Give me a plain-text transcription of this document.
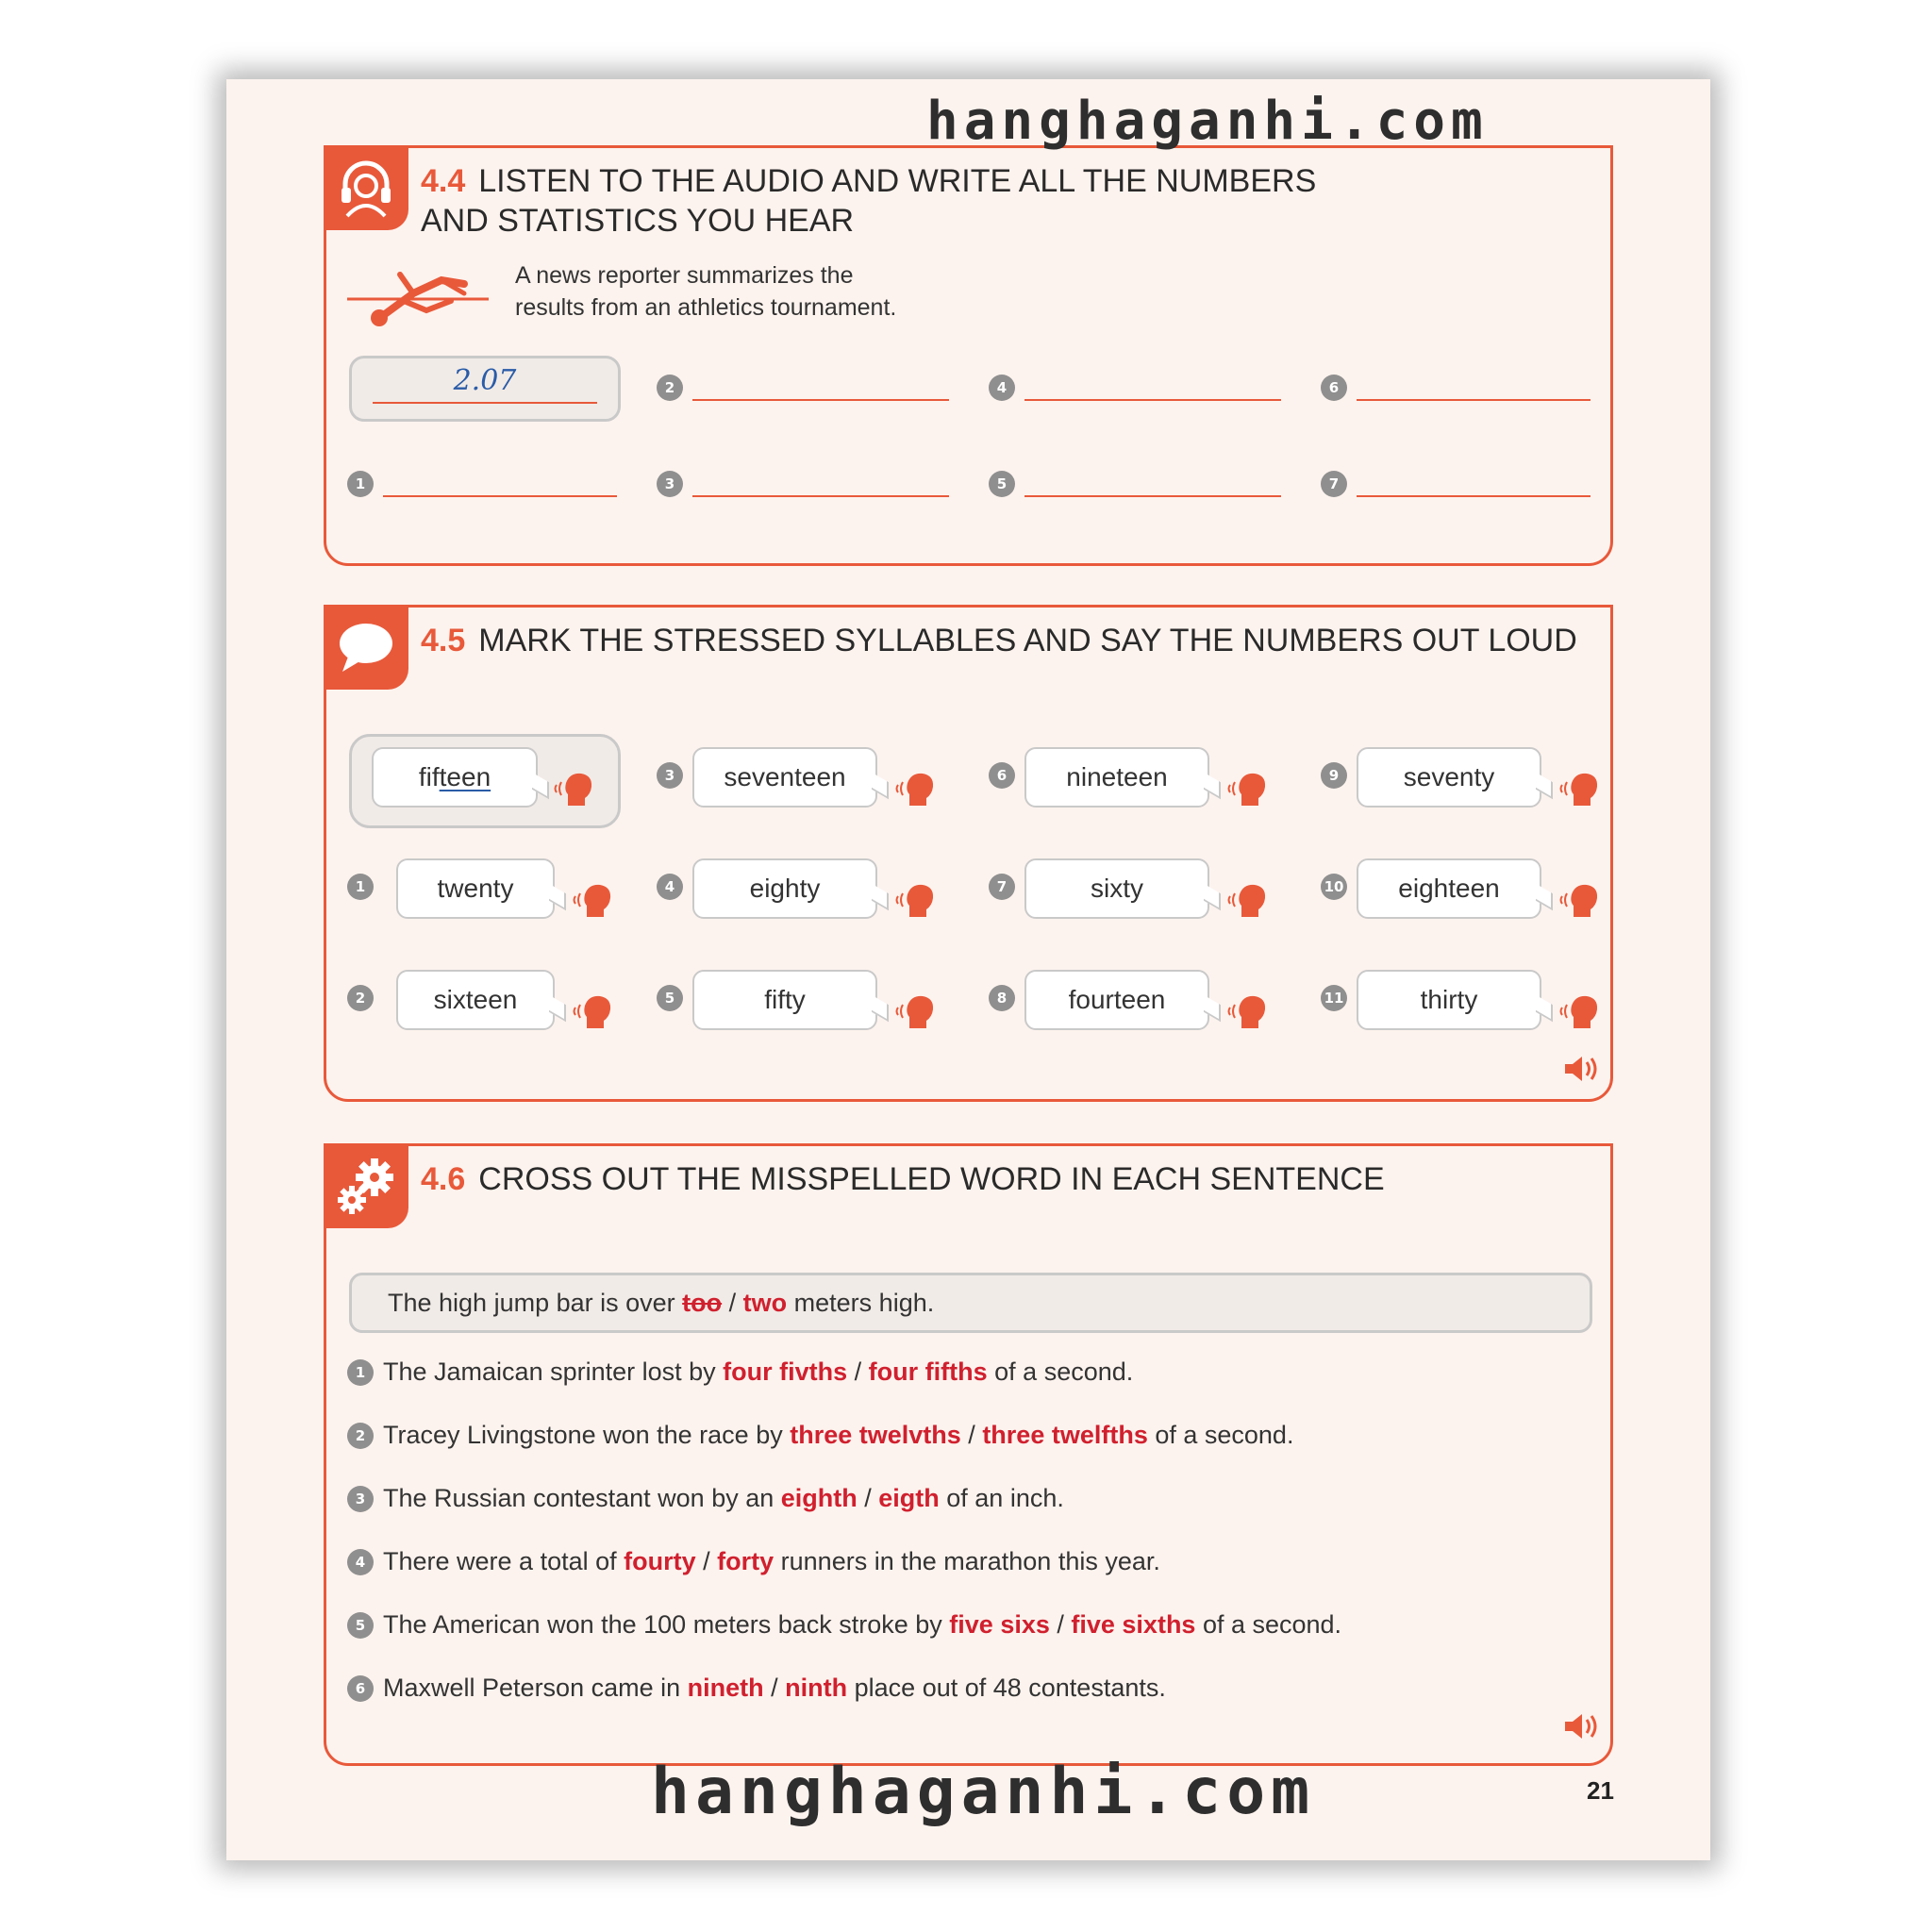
4.4 LISTEN TO THE AUDIO AND WRITE ALL THE NUMBERS
AND STATISTICS YOU HEAR
A news reporter summarizes the
results from an athletics tournament.
2.07	2	4	6
1	3	5	7
4.5 MARK THE STRESSED SYLLABLES AND SAY THE NUMBERS OUT LOUD
fif teen
1	twenty
2	sixteen
3	seventeen
4	eighty
5	fifty
6	nineteen
7	sixty
8	fourteen
9	seventy
10	eighteen
11	thirty
4.6 CROSS OUT THE MISSPELLED WORD IN EACH SENTENCE
The high jump bar is over too / two meters high.
1 The Jamaican sprinter lost by four fivths / four fifths of a second.
2 Tracey Livingstone won the race by three twelvths / three twelfths of a second.
3 The Russian contestant won by an eighth / eigth of an inch.
4 There were a total of fourty / forty runners in the marathon this year.
5 The American won the 100 meters back stroke by five sixs / five sixths of a second.
6 Maxwell Peterson came in nineth / ninth place out of 48 contestants.
hanghaganhi.com
hanghaganhi.com	21
